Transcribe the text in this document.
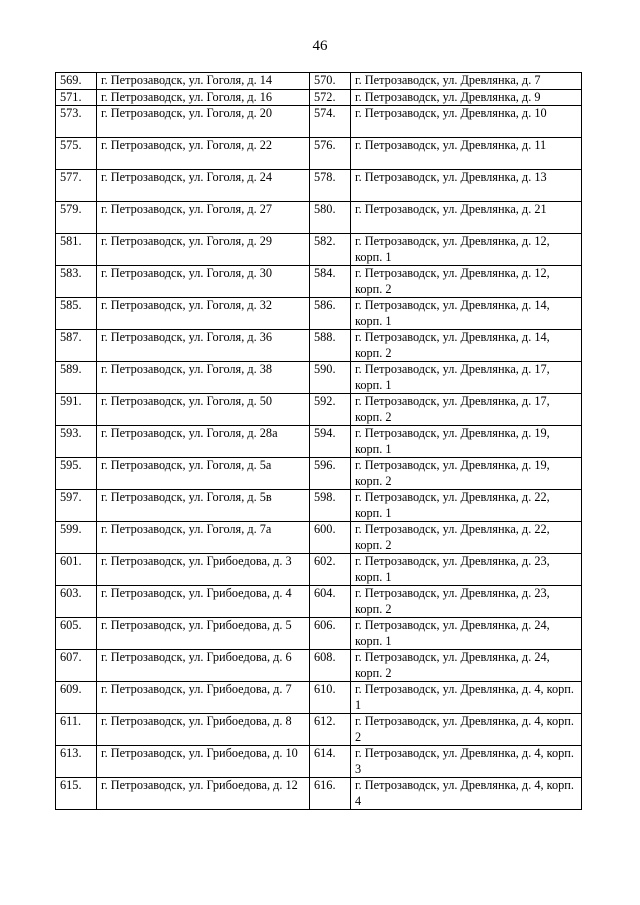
46
569.	г. Петрозаводск, ул. Гоголя, д. 14	570.	г. Петрозаводск, ул. Древлянка, д. 7
571.	г. Петрозаводск, ул. Гоголя, д. 16	572.	г. Петрозаводск, ул. Древлянка, д. 9
573.	г. Петрозаводск, ул. Гоголя, д. 20	574.	г. Петрозаводск, ул. Древлянка, д. 10
575.	г. Петрозаводск, ул. Гоголя, д. 22	576.	г. Петрозаводск, ул. Древлянка, д. 11
577.	г. Петрозаводск, ул. Гоголя, д. 24	578.	г. Петрозаводск, ул. Древлянка, д. 13
579.	г. Петрозаводск, ул. Гоголя, д. 27	580.	г. Петрозаводск, ул. Древлянка, д. 21
581.	г. Петрозаводск, ул. Гоголя, д. 29	582.	г. Петрозаводск, ул. Древлянка, д. 12, корп. 1
583.	г. Петрозаводск, ул. Гоголя, д. 30	584.	г. Петрозаводск, ул. Древлянка, д. 12, корп. 2
585.	г. Петрозаводск, ул. Гоголя, д. 32	586.	г. Петрозаводск, ул. Древлянка, д. 14, корп. 1
587.	г. Петрозаводск, ул. Гоголя, д. 36	588.	г. Петрозаводск, ул. Древлянка, д. 14, корп. 2
589.	г. Петрозаводск, ул. Гоголя, д. 38	590.	г. Петрозаводск, ул. Древлянка, д. 17, корп. 1
591.	г. Петрозаводск, ул. Гоголя, д. 50	592.	г. Петрозаводск, ул. Древлянка, д. 17, корп. 2
593.	г. Петрозаводск, ул. Гоголя, д. 28а	594.	г. Петрозаводск, ул. Древлянка, д. 19, корп. 1
595.	г. Петрозаводск, ул. Гоголя, д. 5а	596.	г. Петрозаводск, ул. Древлянка, д. 19, корп. 2
597.	г. Петрозаводск, ул. Гоголя, д. 5в	598.	г. Петрозаводск, ул. Древлянка, д. 22, корп. 1
599.	г. Петрозаводск, ул. Гоголя, д. 7а	600.	г. Петрозаводск, ул. Древлянка, д. 22, корп. 2
601.	г. Петрозаводск, ул. Грибоедова, д. 3	602.	г. Петрозаводск, ул. Древлянка, д. 23, корп. 1
603.	г. Петрозаводск, ул. Грибоедова, д. 4	604.	г. Петрозаводск, ул. Древлянка, д. 23, корп. 2
605.	г. Петрозаводск, ул. Грибоедова, д. 5	606.	г. Петрозаводск, ул. Древлянка, д. 24, корп. 1
607.	г. Петрозаводск, ул. Грибоедова, д. 6	608.	г. Петрозаводск, ул. Древлянка, д. 24, корп. 2
609.	г. Петрозаводск, ул. Грибоедова, д. 7	610.	г. Петрозаводск, ул. Древлянка, д. 4, корп. 1
611.	г. Петрозаводск, ул. Грибоедова, д. 8	612.	г. Петрозаводск, ул. Древлянка, д. 4, корп. 2
613.	г. Петрозаводск, ул. Грибоедова, д. 10	614.	г. Петрозаводск, ул. Древлянка, д. 4, корп. 3
615.	г. Петрозаводск, ул. Грибоедова, д. 12	616.	г. Петрозаводск, ул. Древлянка, д. 4, корп. 4
